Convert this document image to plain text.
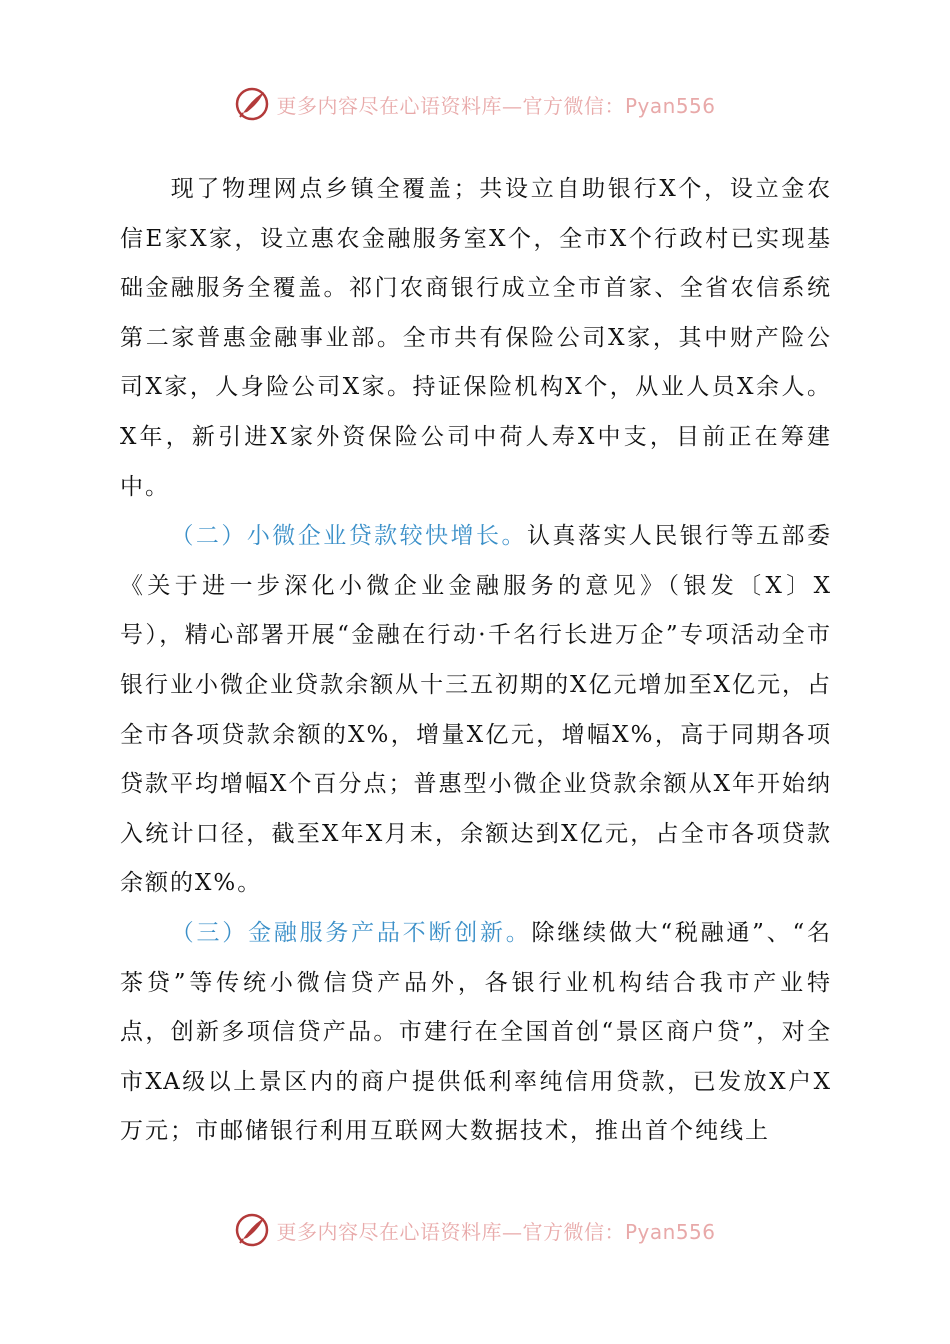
更多内容尽在心语资料库—官方微信：Pyan556

现了物理网点乡镇全覆盖；共设立自助银行X个，设立金农信E家X家，设立惠农金融服务室X个，全市X个行政村已实现基础金融服务全覆盖。祁门农商银行成立全市首家、全省农信系统第二家普惠金融事业部。全市共有保险公司X家，其中财产险公司X家，人身险公司X家。持证保险机构X个，从业人员X余人。X年，新引进X家外资保险公司中荷人寿X中支，目前正在筹建中。

（二）小微企业贷款较快增长。认真落实人民银行等五部委《关于进一步深化小微企业金融服务的意见》（银发〔X〕X号），精心部署开展“金融在行动·千名行长进万企”专项活动全市银行业小微企业贷款余额从十三五初期的X亿元增加至X亿元，占全市各项贷款余额的X%，增量X亿元，增幅X%，高于同期各项贷款平均增幅X个百分点；普惠型小微企业贷款余额从X年开始纳入统计口径，截至X年X月末，余额达到X亿元，占全市各项贷款余额的X%。

（三）金融服务产品不断创新。除继续做大“税融通”、“名茶贷”等传统小微信贷产品外，各银行业机构结合我市产业特点，创新多项信贷产品。市建行在全国首创“景区商户贷”，对全市XA级以上景区内的商户提供低利率纯信用贷款，已发放X户X万元；市邮储银行利用互联网大数据技术，推出首个纯线上

更多内容尽在心语资料库—官方微信：Pyan556
